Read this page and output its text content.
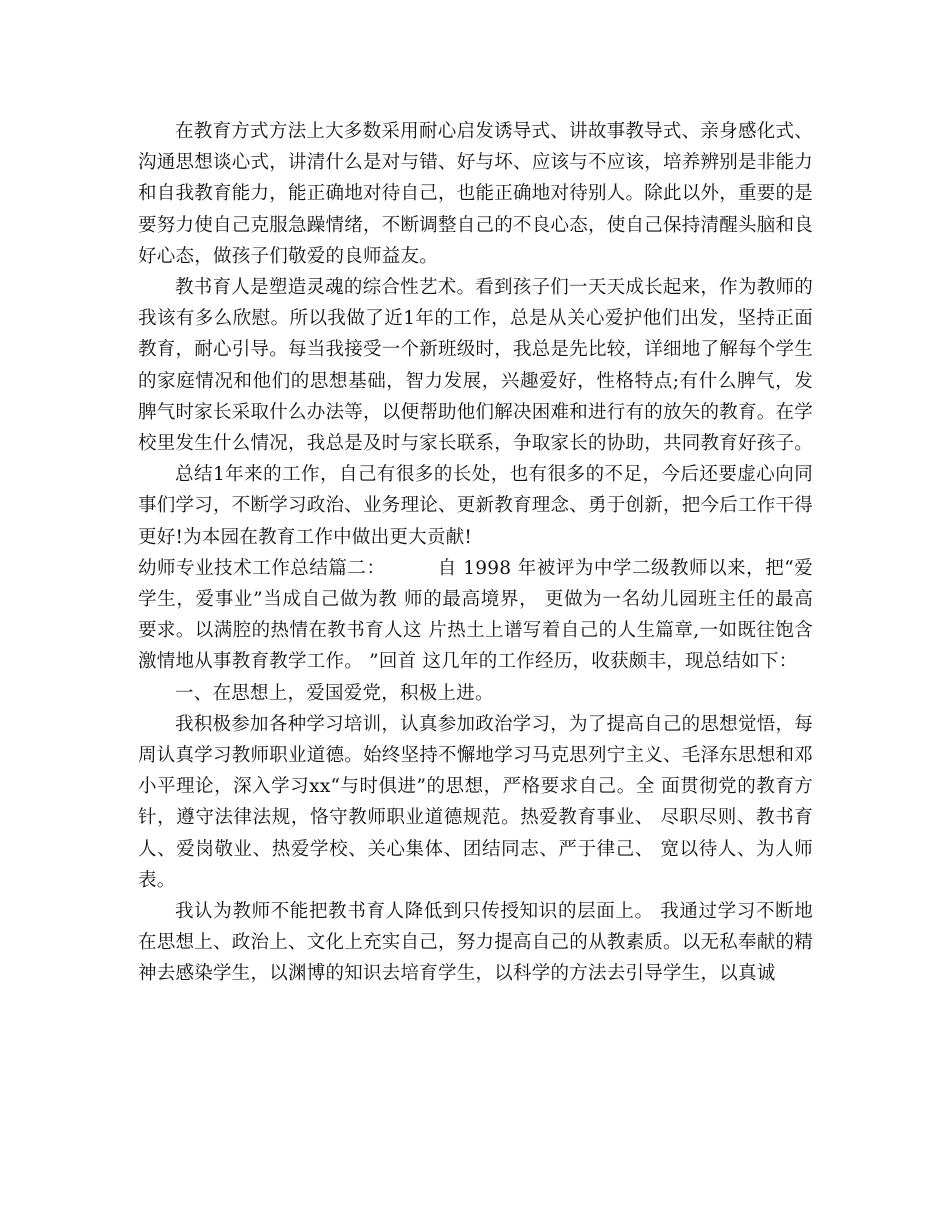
在教育方式方法上大多数采用耐心启发诱导式、讲故事教导式、亲身感化式、沟通思想谈心式，讲清什么是对与错、好与坏、应该与不应该，培养辨别是非能力和自我教育能力，能正确地对待自己，也能正确地对待别人。除此以外，重要的是要努力使自己克服急躁情绪，不断调整自己的不良心态，使自己保持清醒头脑和良好心态，做孩子们敬爱的良师益友。

教书育人是塑造灵魂的综合性艺术。看到孩子们一天天成长起来，作为教师的我该有多么欣慰。所以我做了近1年的工作，总是从关心爱护他们出发，坚持正面教育，耐心引导。每当我接受一个新班级时，我总是先比较，详细地了解每个学生的家庭情况和他们的思想基础，智力发展，兴趣爱好，性格特点;有什么脾气，发脾气时家长采取什么办法等，以便帮助他们解决困难和进行有的放矢的教育。在学校里发生什么情况，我总是及时与家长联系，争取家长的协助，共同教育好孩子。

总结1年来的工作，自己有很多的长处，也有很多的不足，今后还要虚心向同事们学习，不断学习政治、业务理论、更新教育理念、勇于创新，把今后工作干得更好!为本园在教育工作中做出更大贡献!

幼师专业技术工作总结篇二：	自 1998 年被评为中学二级教师以来，把“爱学生，爱事业”当成自己做为教 师的最高境界， 更做为一名幼儿园班主任的最高要求。以满腔的热情在教书育人这 片热土上谱写着自己的人生篇章,一如既往饱含激情地从事教育教学工作。 ”回首 这几年的工作经历，收获颇丰，现总结如下：

一、在思想上，爱国爱党，积极上进。

我积极参加各种学习培训，认真参加政治学习，为了提高自己的思想觉悟，每周认真学习教师职业道德。始终坚持不懈地学习马克思列宁主义、毛泽东思想和邓小平理论，深入学习xx“与时俱进”的思想，严格要求自己。全 面贯彻党的教育方针，遵守法律法规，恪守教师职业道德规范。热爱教育事业、 尽职尽则、教书育人、爱岗敬业、热爱学校、关心集体、团结同志、严于律己、 宽以待人、为人师表。

我认为教师不能把教书育人降低到只传授知识的层面上。 我通过学习不断地在思想上、政治上、文化上充实自己，努力提高自己的从教素质。以无私奉献的精神去感染学生，以渊博的知识去培育学生，以科学的方法去引导学生，以真诚
